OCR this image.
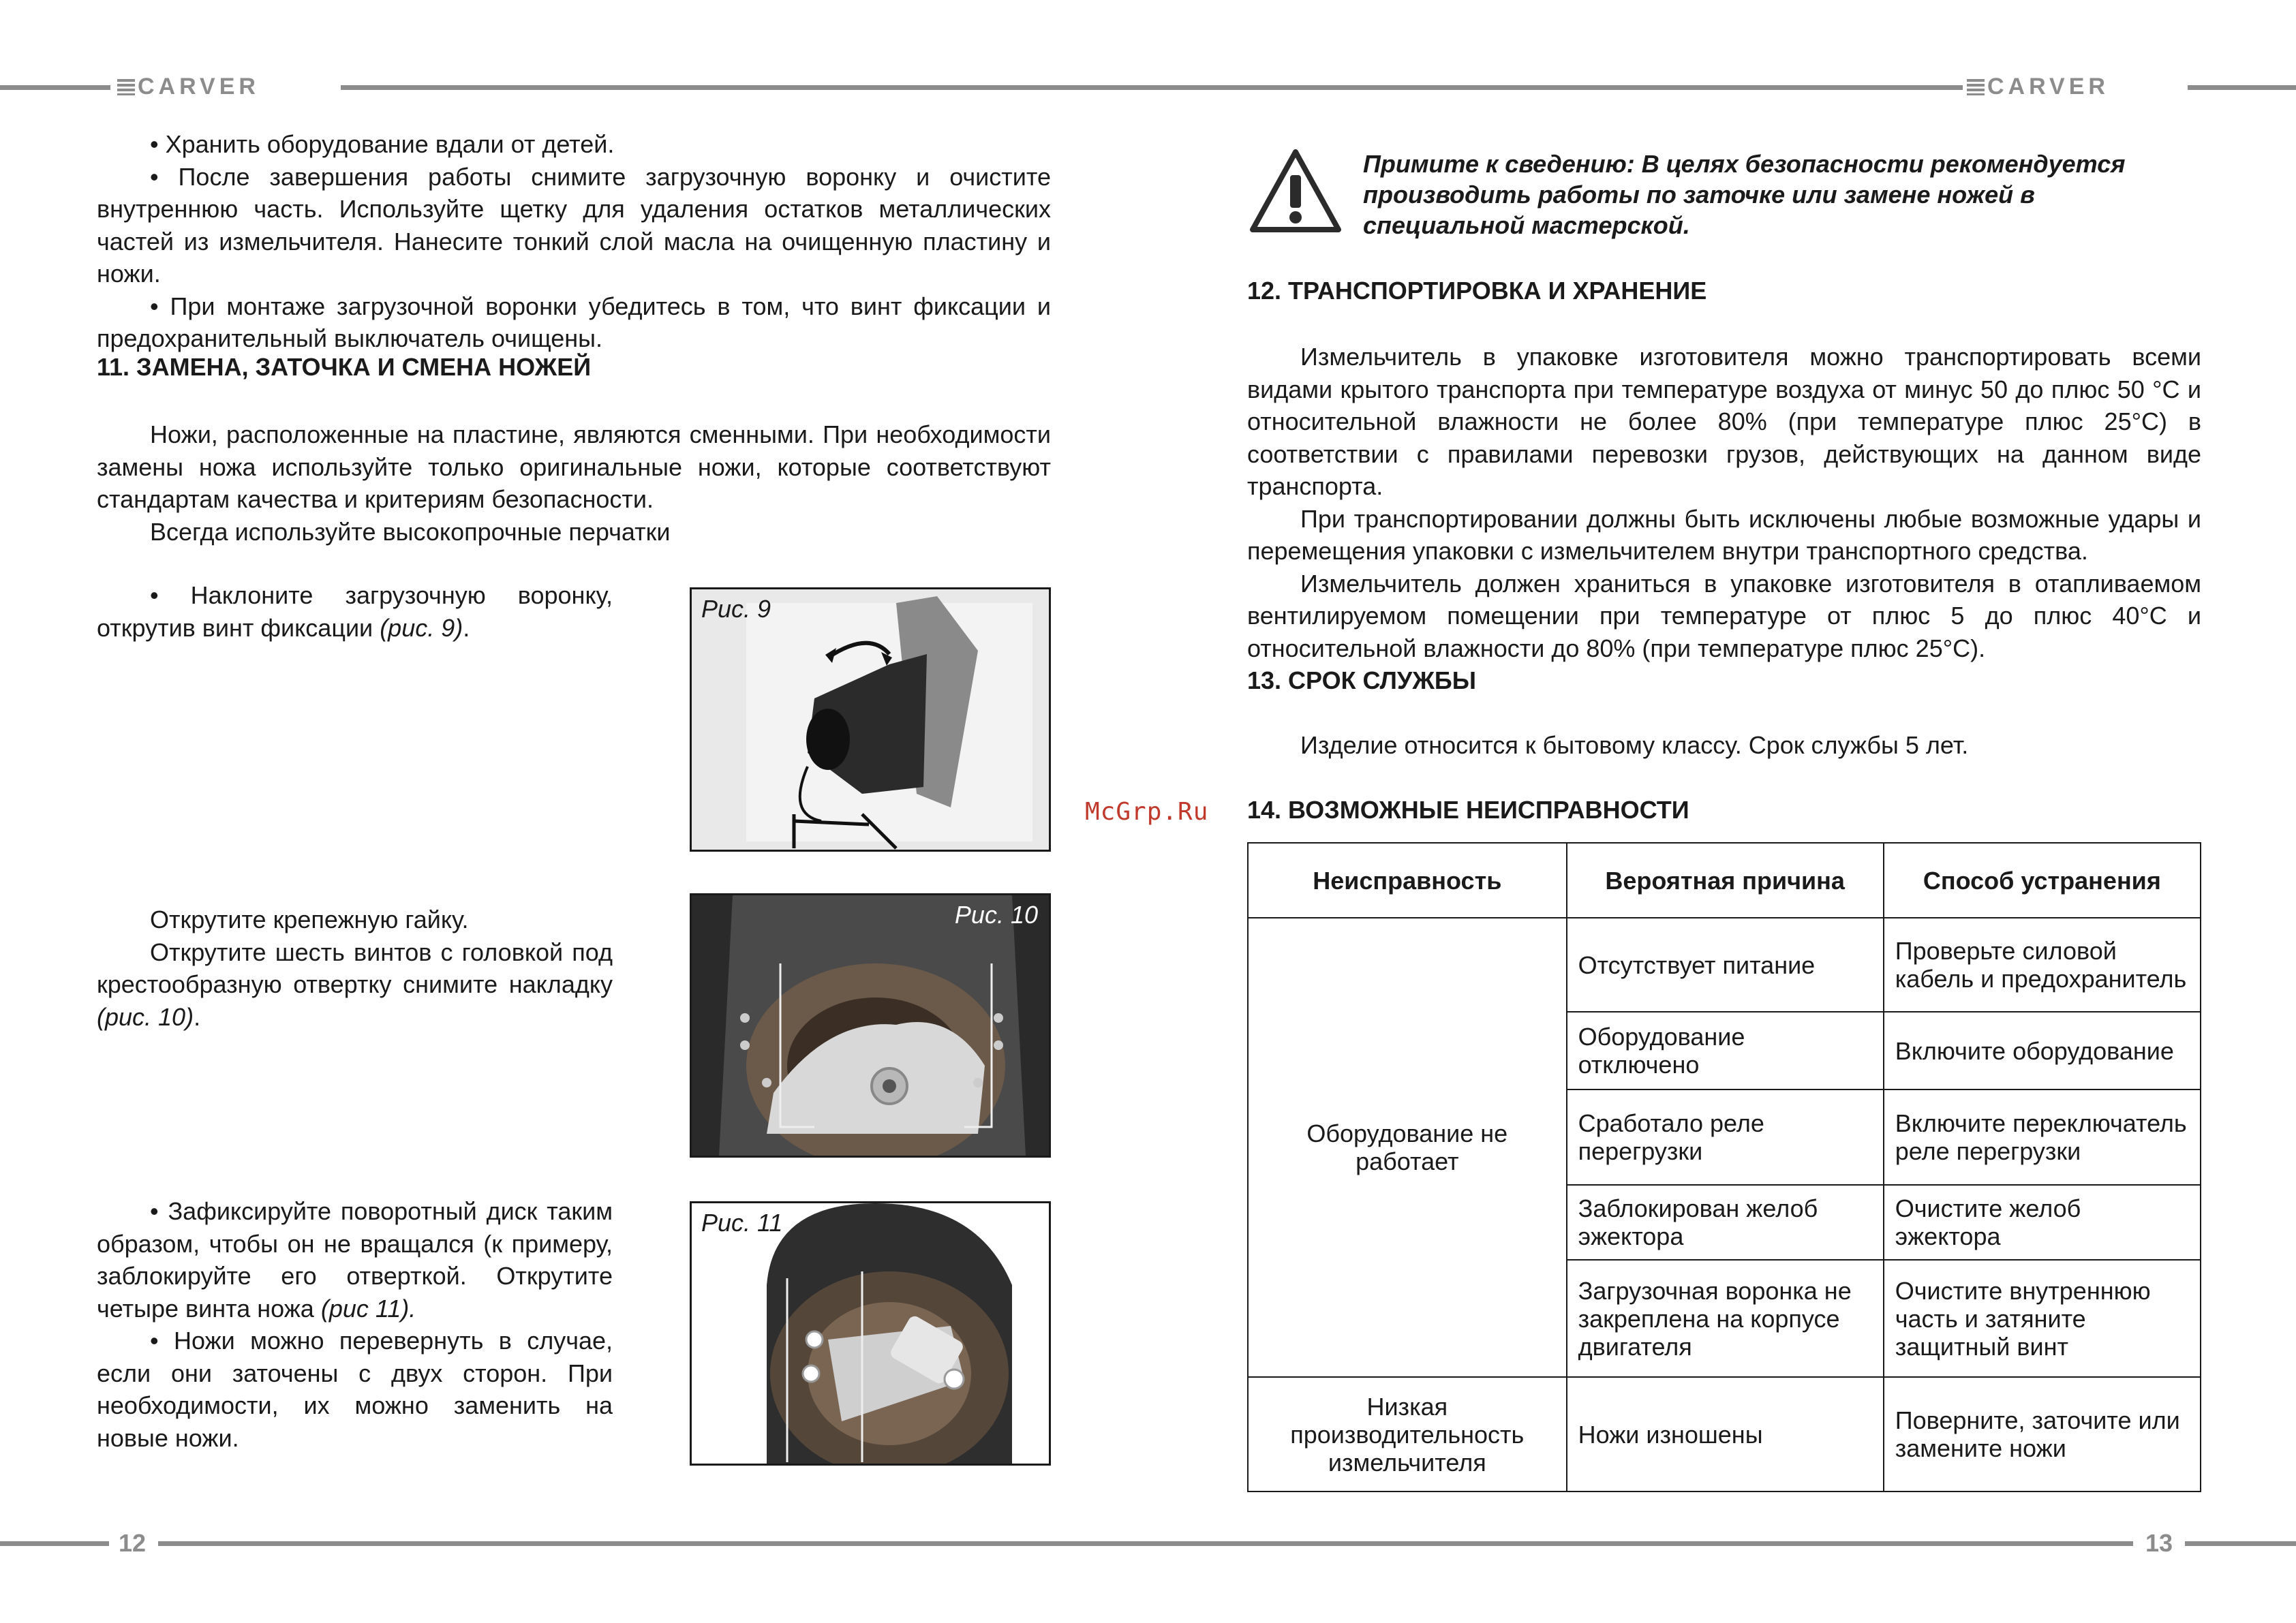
CARVER	CARVER
• Хранить оборудование вдали от детей.
• После завершения работы снимите загрузочную воронку и очистите внутреннюю часть. Используйте щетку для удаления остатков металлических частей из измельчителя. Нанесите тонкий слой масла на очищенную пластину и ножи.
• При монтаже загрузочной воронки убедитесь в том, что винт фиксации и предохранительный выключатель очищены.
11. ЗАМЕНА, ЗАТОЧКА И СМЕНА НОЖЕЙ
Ножи, расположенные на пластине, являются сменными. При необходимости замены ножа используйте только оригинальные ножи, которые соответствуют стандартам качества и критериям безопасности.
Всегда используйте высокопрочные перчатки
• Наклоните загрузочную воронку, открутив винт фиксации (рис. 9).
Открутите крепежную гайку.
Открутите шесть винтов с головкой под крестообразную отвертку снимите накладку (рис. 10).
• Зафиксируйте поворотный диск таким образом, чтобы он не вращался (к примеру, заблокируйте его отверткой. Открутите четыре винта ножа (рис 11).
• Ножи можно перевернуть в случае, если они заточены с двух сторон. При необходимости, их можно заменить на новые ножи.
Рис. 9
Рис. 10
Рис. 11
McGrp.Ru
Примите к сведению: В целях безопасности рекомендуется производить работы по заточке или замене ножей в специальной мастерской.
12. ТРАНСПОРТИРОВКА И ХРАНЕНИЕ
Измельчитель в упаковке изготовителя можно транспортировать всеми видами крытого транспорта при температуре воздуха от минус 50 до плюс 50 °С и относительной влажности не более 80% (при температуре плюс 25°С) в соответствии с правилами перевозки грузов, действующих на данном виде транспорта.
При транспортировании должны быть исключены любые возможные удары и перемещения упаковки с измельчителем внутри транспортного средства.
Измельчитель должен храниться в упаковке изготовителя в отапливаемом вентилируемом помещении при температуре от плюс 5 до плюс 40°С и относительной влажности до 80% (при температуре плюс 25°С).
13. СРОК СЛУЖБЫ
Изделие относится к бытовому классу. Срок службы 5 лет.
14. ВОЗМОЖНЫЕ НЕИСПРАВНОСТИ
Неисправность	Вероятная причина	Способ устранения
Оборудование не работает	Отсутствует питание	Проверьте силовой кабель и предохранитель
	Оборудование отключено	Включите оборудование
	Сработало реле перегрузки	Включите переключатель реле перегрузки
	Заблокирован желоб эжектора	Очистите желоб эжектора
	Загрузочная воронка не закреплена на корпусе двигателя	Очистите внутреннюю часть и затяните защитный винт
Низкая производительность измельчителя	Ножи изношены	Поверните, заточите или замените ножи
12	13
